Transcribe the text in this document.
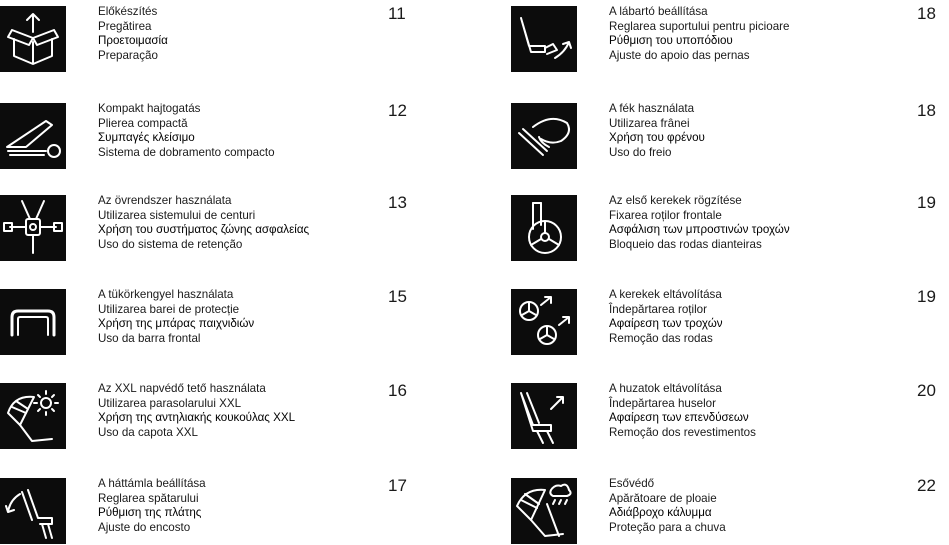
Előkészítés
Pregătirea
Προετοιμασία
Preparação
11
Kompakt hajtogatás
Plierea compactă
Συμπαγές κλείσιμο
Sistema de dobramento compacto
12
Az övrendszer használata
Utilizarea sistemului de centuri
Χρήση του συστήματος ζώνης ασφαλείας
Uso do sistema de retenção
13
A tükörkengyel használata
Utilizarea barei de protecție
Χρήση της μπάρας παιχνιδιών
Uso da barra frontal
15
Az XXL napvédő tető használata
Utilizarea parasolarului XXL
Χρήση της αντηλιακής κουκούλας XXL
Uso da capota XXL
16
A háttámla beállítása
Reglarea spătarului
Ρύθμιση της πλάτης
Ajuste do encosto
17
A lábartó beállítása
Reglarea suportului pentru picioare
Ρύθμιση του υποπόδιου
Ajuste do apoio das pernas
18
A fék használata
Utilizarea frânei
Χρήση του φρένου
Uso do freio
18
Az első kerekek rögzítése
Fixarea roților frontale
Ασφάλιση των μπροστινών τροχών
Bloqueio das rodas dianteiras
19
A kerekek eltávolítása
Îndepărtarea roților
Αφαίρεση των τροχών
Remoção das rodas
19
A huzatok eltávolítása
Îndepărtarea huselor
Αφαίρεση των επενδύσεων
Remoção dos revestimentos
20
Esővédő
Apărătoare de ploaie
Αδιάβροχο κάλυμμα
Proteção para a chuva
22
